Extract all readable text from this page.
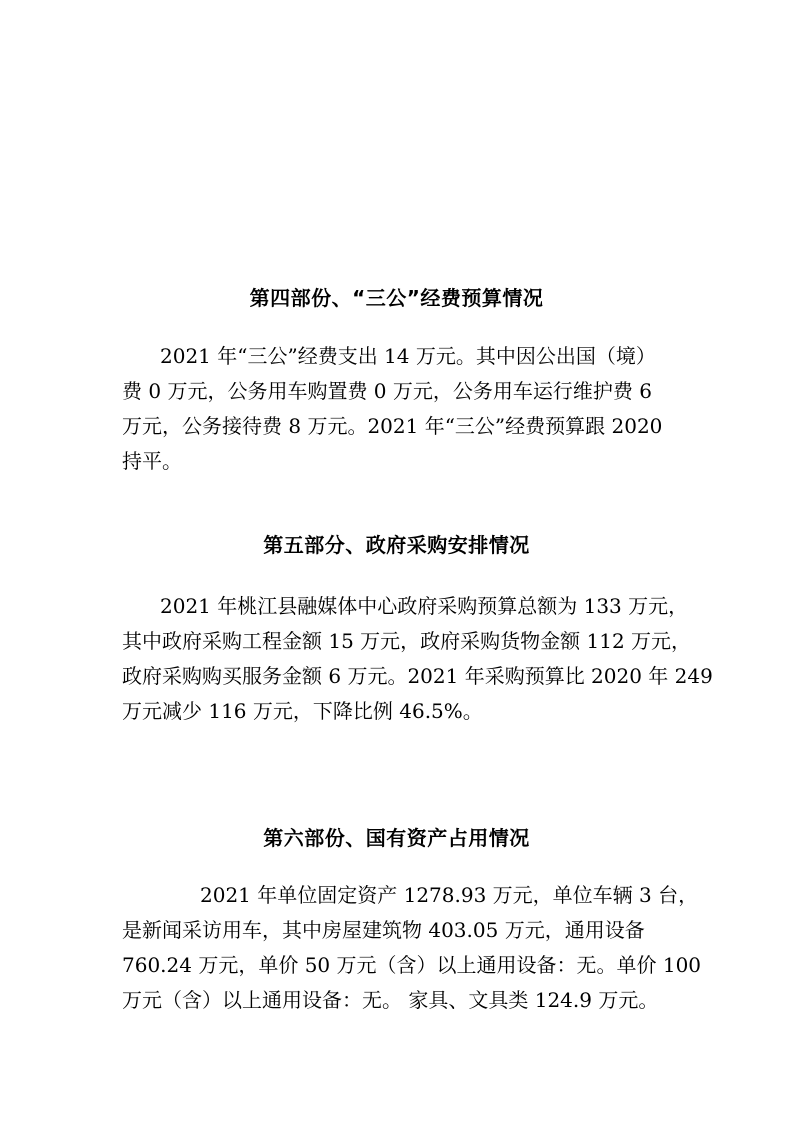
第四部份、“三公”经费预算情况
2021 年“三公”经费支出 14 万元。其中因公出国（境）
费 0 万元，公务用车购置费 0 万元，公务用车运行维护费 6
万元，公务接待费 8 万元。2021 年“三公”经费预算跟 2020
持平。
第五部分、政府采购安排情况
2021 年桃江县融媒体中心政府采购预算总额为 133 万元，
其中政府采购工程金额 15 万元，政府采购货物金额 112 万元，
政府采购购买服务金额 6 万元。2021 年采购预算比 2020 年 249
万元减少 116 万元，下降比例 46.5%。
第六部份、国有资产占用情况
2021 年单位固定资产 1278.93 万元，单位车辆 3 台，
是新闻采访用车，其中房屋建筑物 403.05 万元，通用设备
760.24 万元，单价 50 万元（含）以上通用设备：无。单价 100
万元（含）以上通用设备：无。 家具、文具类 124.9 万元。
